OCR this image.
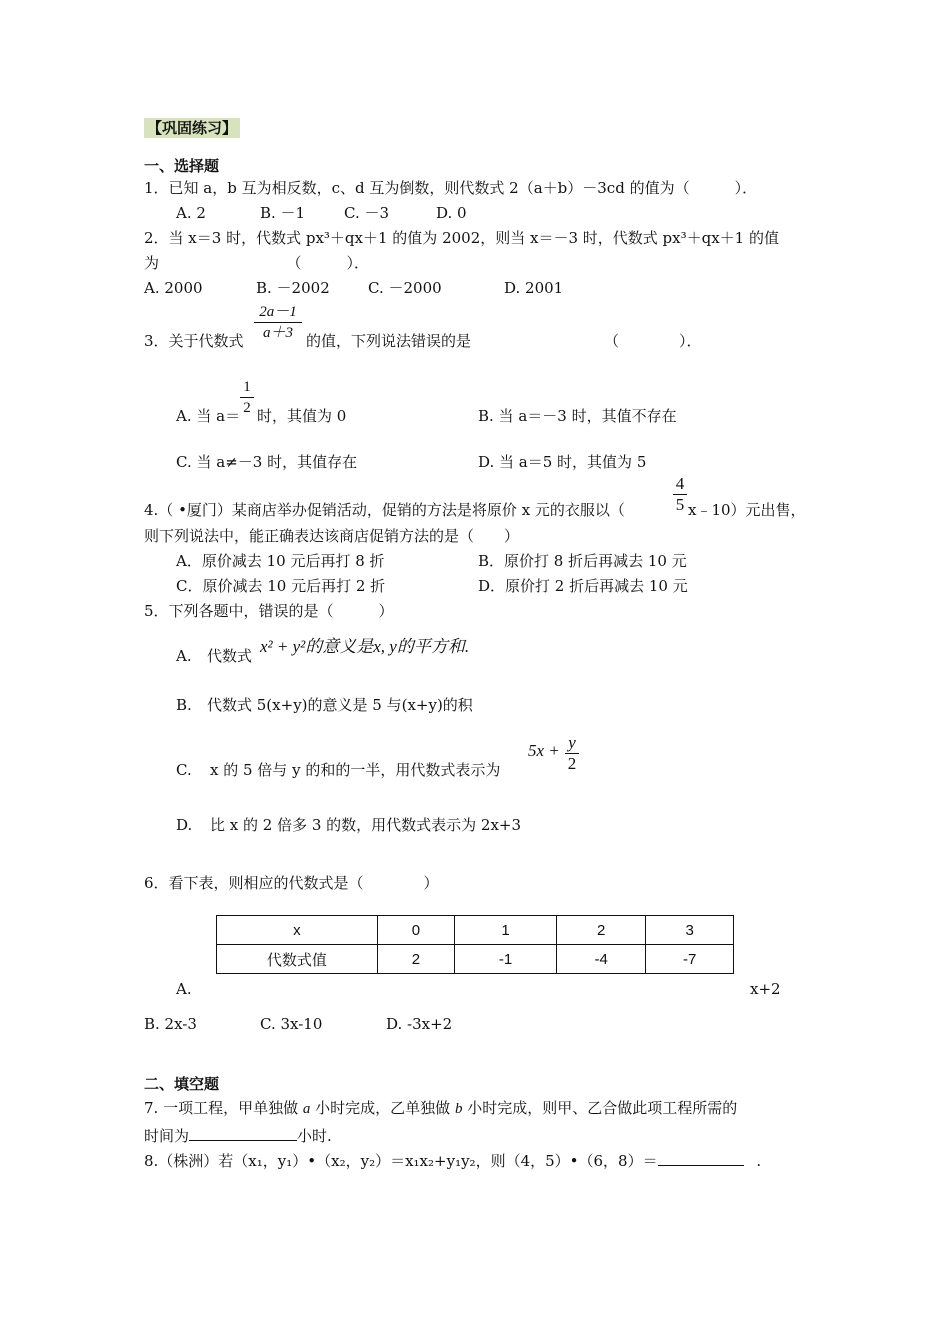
【巩固练习】
一、选择题
1．已知 a，b 互为相反数，c、d 互为倒数，则代数式 2（a＋b）－3cd 的值为（　　　）．
A. 2	B. －1	C. －3	D. 0
2．当 x＝3 时，代数式 px³＋qx＋1 的值为 2002，则当 x＝－3 时，代数式 px³＋qx＋1 的值
为　　　　　　　　　（　　　）．
A. 2000	B. －2002	C. －2000	D. 2001
3．关于代数式
2a－1
a＋3 的值，下列说法错误的是	（　　　　）．
A. 当 a＝
1
2 时，其值为 0	B. 当 a＝－3 时，其值不存在
C. 当 a≠－3 时，其值存在	D. 当 a＝5 时，其值为 5
4.（ •厦门）某商店举办促销活动，促销的方法是将原价 x 元的衣服以（
4
5 x﹣10）元出售，
则下列说法中，能正确表达该商店促销方法的是（　　）
A．原价减去 10 元后再打 8 折	B．原价打 8 折后再减去 10 元
C．原价减去 10 元后再打 2 折	D．原价打 2 折后再减去 10 元
5．下列各题中，错误的是（　　　）
A. 代数式 x² + y²的意义是x, y的平方和.
B. 代数式 5(x+y)的意义是 5 与(x+y)的积
C. x 的 5 倍与 y 的和的一半，用代数式表示为
5x + y
2
D. 比 x 的 2 倍多 3 的数，用代数式表示为 2x+3
6．看下表，则相应的代数式是（　　　　）
x	0	1	2	3
代数式值	2	-1	-4	-7
A.	x+2
B. 2x-3	C. 3x-10	D. -3x+2
二、填空题
7. 一项工程，甲单独做 a 小时完成，乙单独做 b 小时完成，则甲、乙合做此项工程所需的
时间为	小时.
8.（株洲）若（x₁，y₁）•（x₂，y₂）＝x₁x₂+y₁y₂，则（4，5）•（6，8）＝	.
